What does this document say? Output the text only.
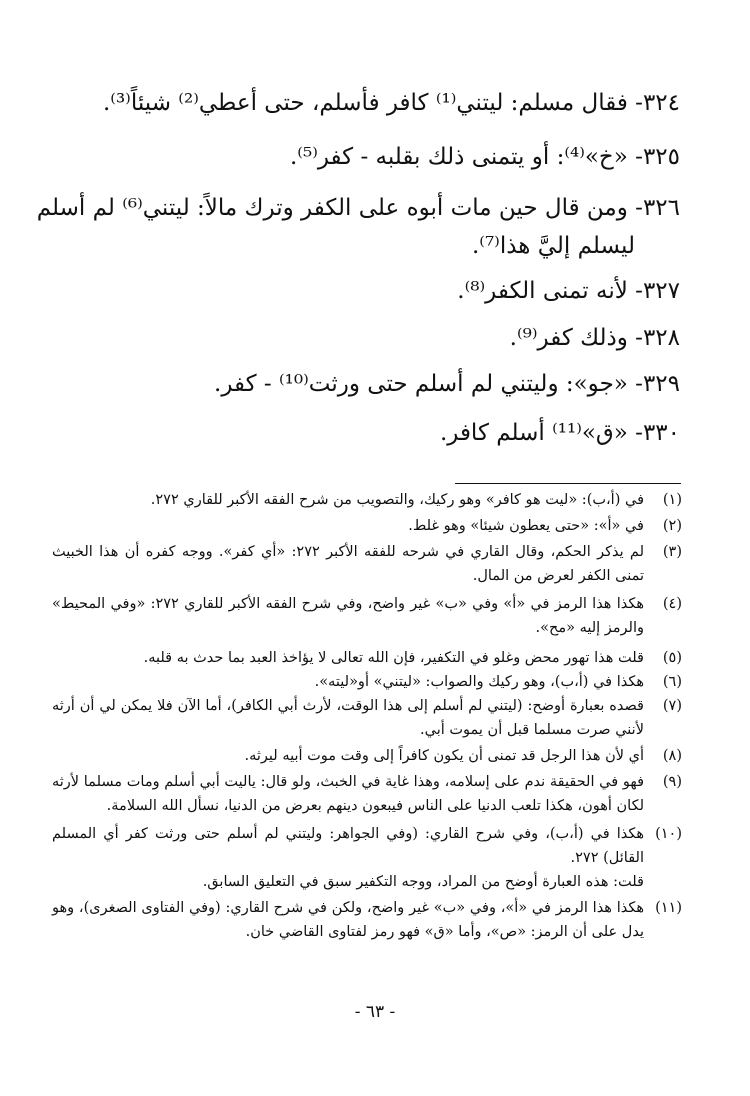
٣٢٤- فقال مسلم: ليتني⁽¹⁾ كافر فأسلم، حتى أعطي⁽²⁾ شيئاً⁽³⁾.

٣٢٥- «خ»⁽⁴⁾: أو يتمنى ذلك بقلبه - كفر⁽⁵⁾.

٣٢٦- ومن قال حين مات أبوه على الكفر وترك مالاً: ليتني⁽⁶⁾ لم أسلم

ليسلم إليَّ هذا⁽⁷⁾.

٣٢٧- لأنه تمنى الكفر⁽⁸⁾.

٣٢٨- وذلك كفر⁽⁹⁾.

٣٢٩- «جو»: وليتني لم أسلم حتى ورثت⁽¹⁰⁾ - كفر.

٣٣٠- «ق»⁽¹¹⁾ أسلم كافر.

(١)
في (أ،ب): «ليت هو كافر» وهو ركيك، والتصويب من شرح الفقه الأكبر للقاري ٢٧٢.
(٢)
في «أ»: «حتى يعطون شيئا» وهو غلط.
(٣)
لم يذكر الحكم، وقال القاري في شرحه للفقه الأكبر ٢٧٢: «أي كفر». ووجه كفره أن هذا الخبيث تمنى الكفر لعرض من المال.
(٤)
هكذا هذا الرمز في «أ» وفي «ب» غير واضح، وفي شرح الفقه الأكبر للقاري ٢٧٢: «وفي المحيط» والرمز إليه «مح».
(٥)
قلت هذا تهور محض وغلو في التكفير، فإن الله تعالى لا يؤاخذ العبد بما حدث به قلبه.
(٦)
هكذا في (أ،ب)، وهو ركيك والصواب: «ليتني» أو«ليته».
(٧)
قصده بعبارة أوضح: (ليتني لم أسلم إلى هذا الوقت، لأرث أبي الكافر)، أما الآن فلا يمكن لي أن أرثه لأنني صرت مسلما قبل أن يموت أبي.
(٨)
أي لأن هذا الرجل قد تمنى أن يكون كافراً إلى وقت موت أبيه ليرثه.
(٩)
فهو في الحقيقة ندم على إسلامه، وهذا غاية في الخبث، ولو قال: ياليت أبي أسلم ومات مسلما لأرثه لكان أهون، هكذا تلعب الدنيا على الناس فيبعون دينهم بعرض من الدنيا، نسأل الله السلامة.
(١٠)
هكذا في (أ،ب)، وفي شرح القاري: (وفي الجواهر: وليتني لم أسلم حتى ورثت كفر أي المسلم القائل) ٢٧٢.
قلت: هذه العبارة أوضح من المراد، ووجه التكفير سبق في التعليق السابق.
(١١)
هكذا هذا الرمز في «أ»، وفي «ب» غير واضح، ولكن في شرح القاري: (وفي الفتاوى الصغرى)، وهو يدل على أن الرمز: «ص»، وأما «ق» فهو رمز لفتاوى القاضي خان.
- ٦٣ -
